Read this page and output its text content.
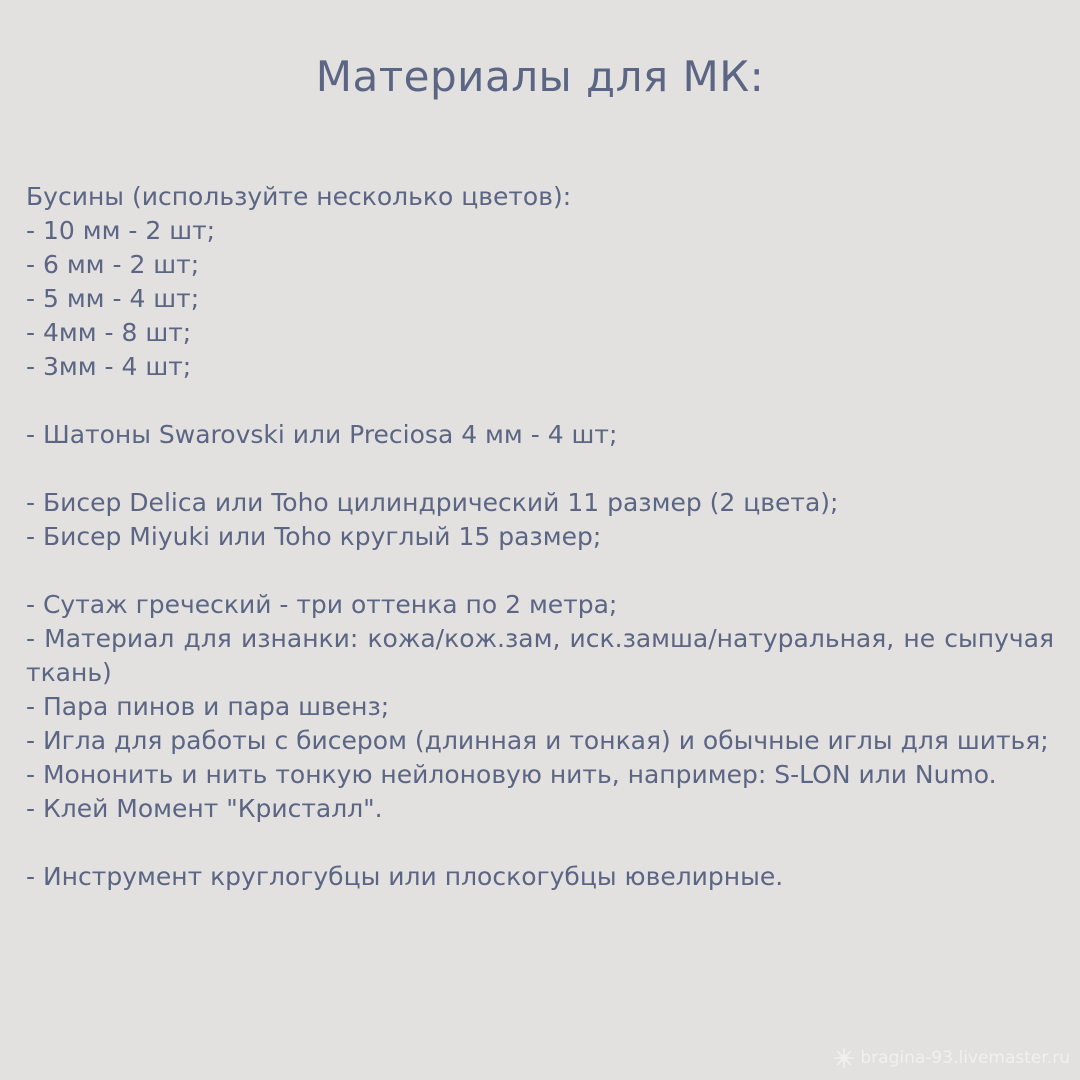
Материалы для МК:
Бусины (используйте несколько цветов):
- 10 мм - 2 шт;
- 6 мм - 2 шт;
- 5 мм - 4 шт;
- 4мм - 8 шт;
- 3мм - 4 шт;
- Шатоны Swarovski или Preciosa 4 мм - 4 шт;
- Бисер Delica или Toho цилиндрический 11 размер (2 цвета);
- Бисер Miyuki или Toho круглый 15 размер;
- Сутаж греческий - три оттенка по 2 метра;
- Материал для изнанки: кожа/кож.зам, иск.замша/натуральная, не сыпучая ткань)
- Пара пинов и пара швенз;
- Игла для работы с бисером (длинная и тонкая) и обычные иглы для шитья;
- Мононить и нить тонкую нейлоновую нить, например: S-LON или Numo.
- Клей Момент "Кристалл".
- Инструмент круглогубцы или плоскогубцы ювелирные.
bragina-93.livemaster.ru
